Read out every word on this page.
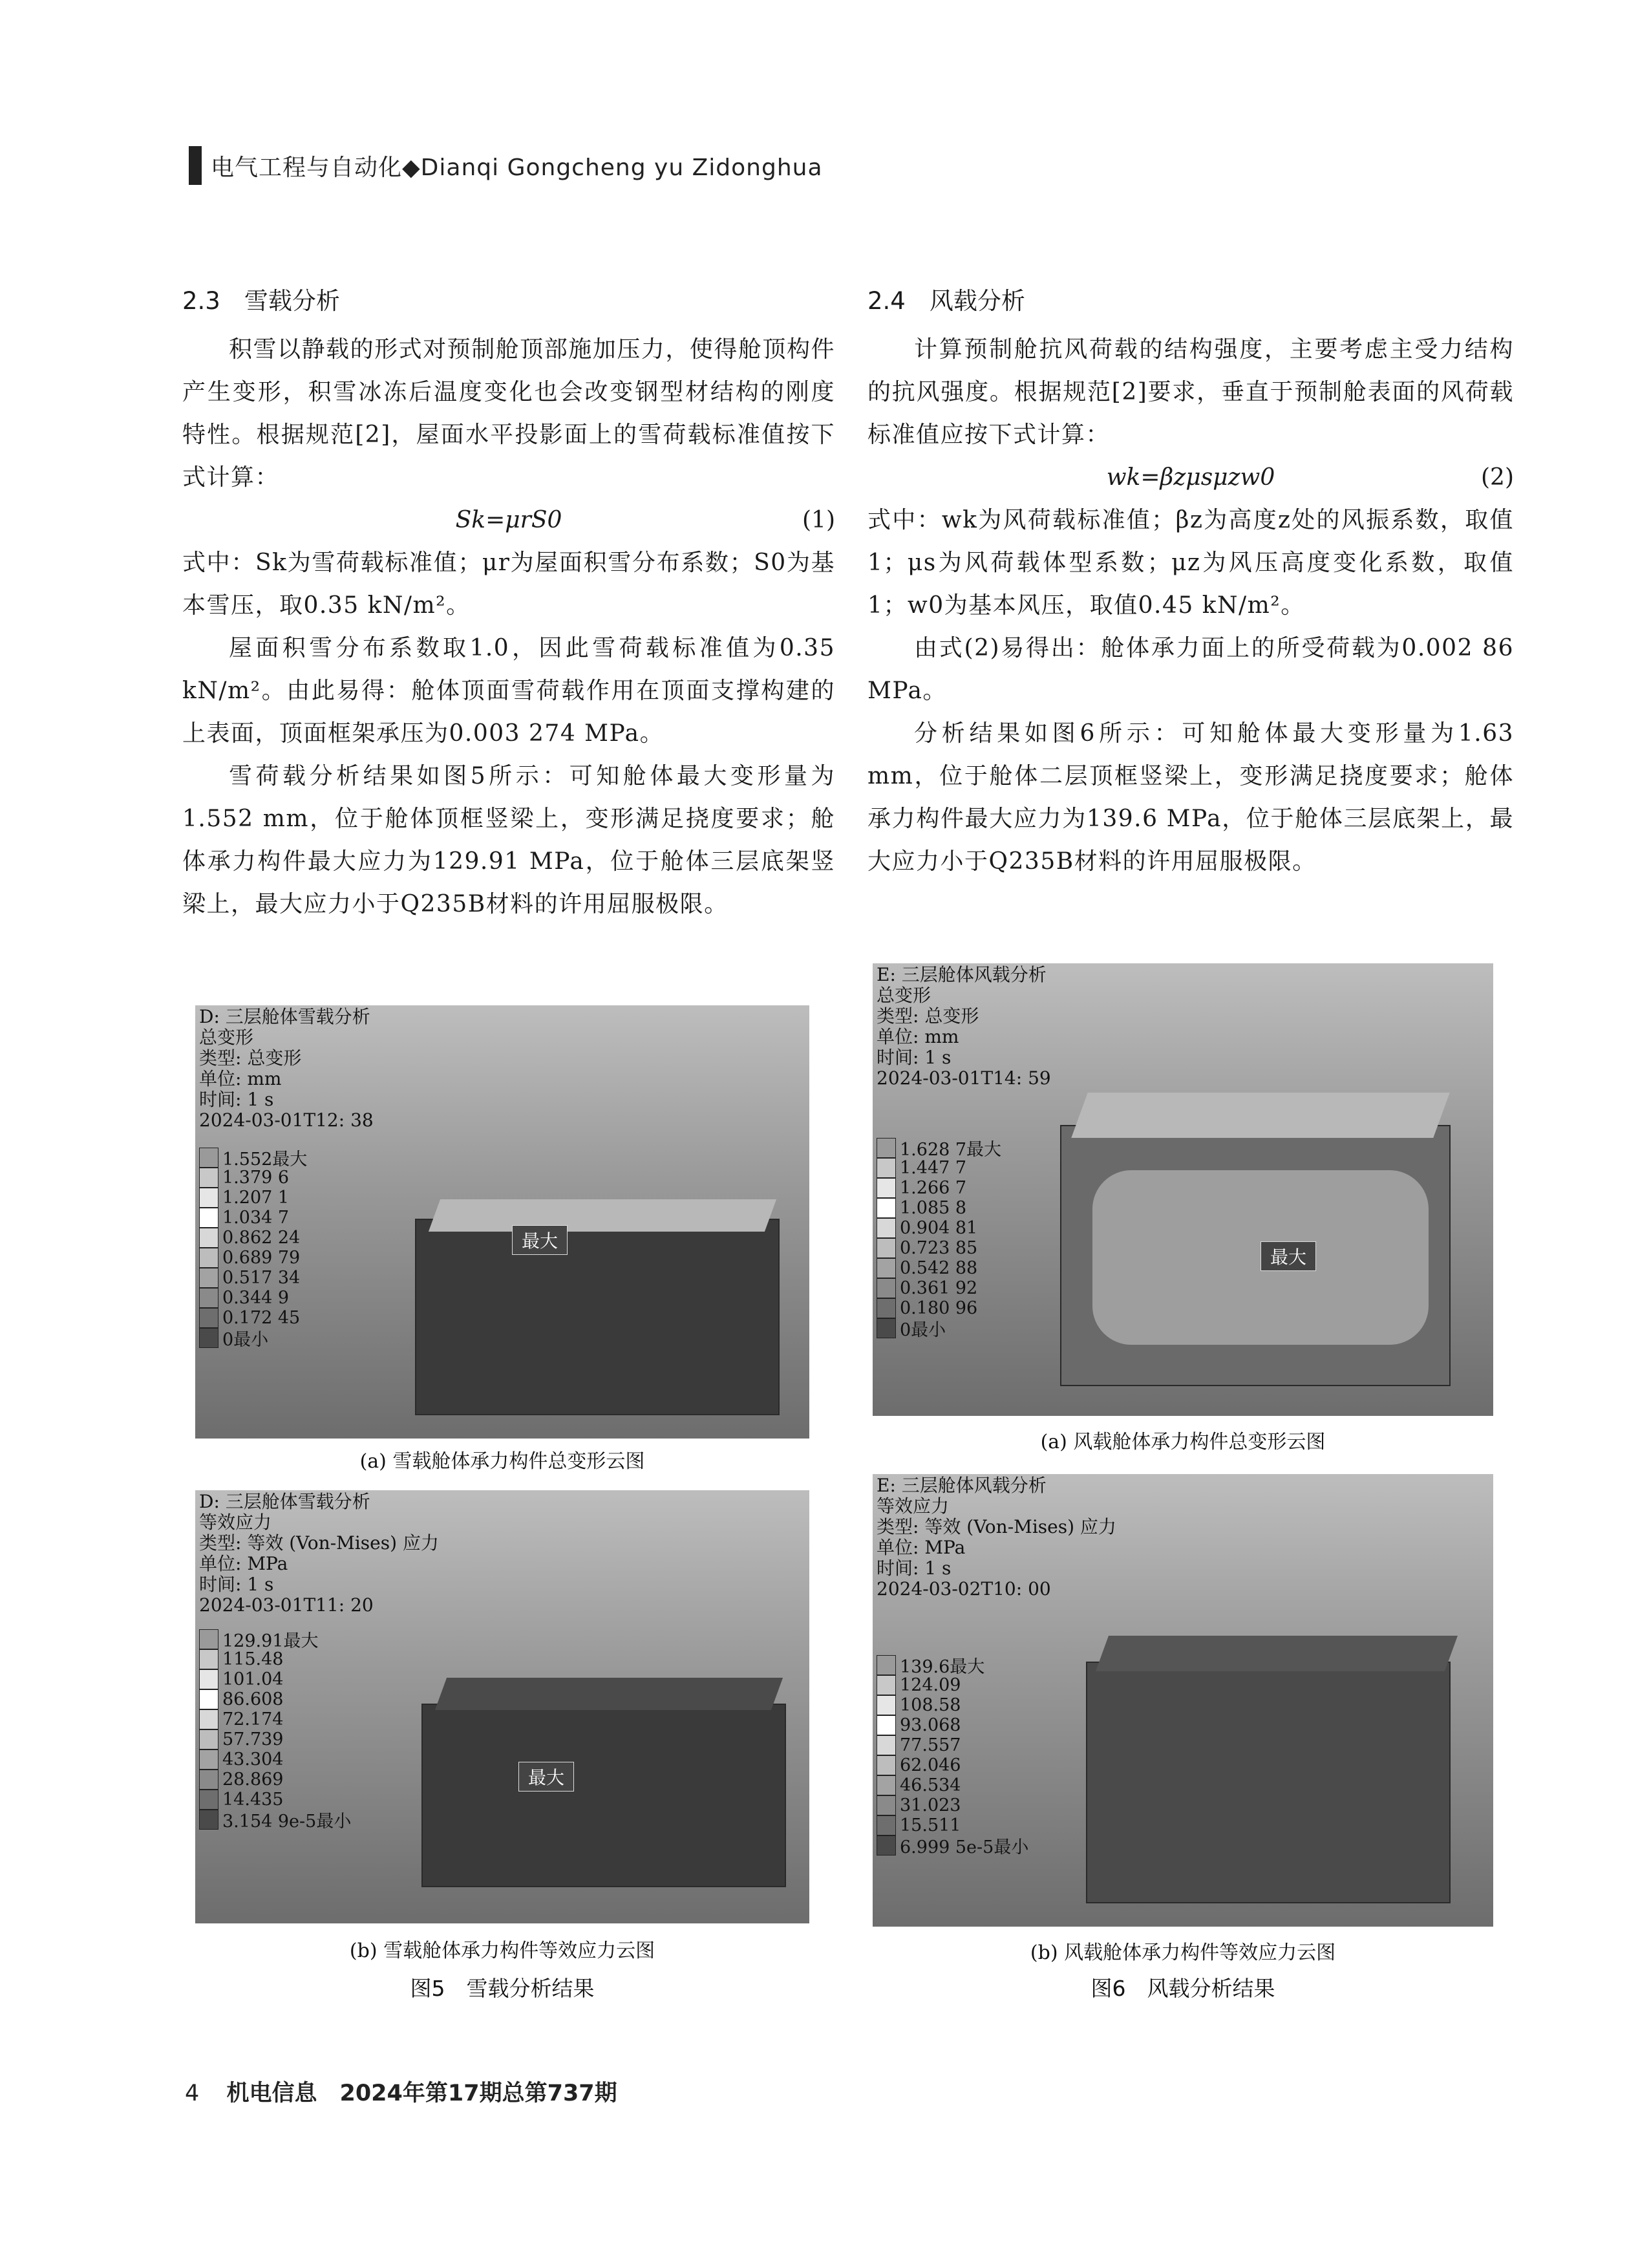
电气工程与自动化◆Dianqi Gongcheng yu Zidonghua
2.3　雪载分析

积雪以静载的形式对预制舱顶部施加压力，使得舱顶构件产生变形，积雪冰冻后温度变化也会改变钢型材结构的刚度特性。根据规范[2]，屋面水平投影面上的雪荷载标准值按下式计算：

Sk=μrS0	(1)

式中：Sk为雪荷载标准值；μr为屋面积雪分布系数；S0为基本雪压，取0.35 kN/m²。

屋面积雪分布系数取1.0，因此雪荷载标准值为0.35 kN/m²。由此易得：舱体顶面雪荷载作用在顶面支撑构建的上表面，顶面框架承压为0.003 274 MPa。

雪荷载分析结果如图5所示：可知舱体最大变形量为1.552 mm，位于舱体顶框竖梁上，变形满足挠度要求；舱体承力构件最大应力为129.91 MPa，位于舱体三层底架竖梁上，最大应力小于Q235B材料的许用屈服极限。

2.4　风载分析

计算预制舱抗风荷载的结构强度，主要考虑主受力结构的抗风强度。根据规范[2]要求，垂直于预制舱表面的风荷载标准值应按下式计算：

wk=βzμsμzw0	(2)

式中：wk为风荷载标准值；βz为高度z处的风振系数，取值1；μs为风荷载体型系数；μz为风压高度变化系数，取值1；w0为基本风压，取值0.45 kN/m²。

由式(2)易得出：舱体承力面上的所受荷载为0.002 86 MPa。

分析结果如图6所示：可知舱体最大变形量为1.63 mm，位于舱体二层顶框竖梁上，变形满足挠度要求；舱体承力构件最大应力为139.6 MPa，位于舱体三层底架上，最大应力小于Q235B材料的许用屈服极限。

D: 三层舱体雪载分析
总变形
类型: 总变形
单位: mm
时间: 1 s
2024-03-01T12: 38
1.552最大
1.379 6
1.207 1
1.034 7
0.862 24
0.689 79
0.517 34
0.344 9
0.172 45
0最小
最大
(a) 雪载舱体承力构件总变形云图
D: 三层舱体雪载分析
等效应力
类型: 等效 (Von-Mises) 应力
单位: MPa
时间: 1 s
2024-03-01T11: 20
129.91最大
115.48
101.04
86.608
72.174
57.739
43.304
28.869
14.435
3.154 9e-5最小
最大
(b) 雪载舱体承力构件等效应力云图
图5　雪载分析结果
E: 三层舱体风载分析
总变形
类型: 总变形
单位: mm
时间: 1 s
2024-03-01T14: 59
1.628 7最大
1.447 7
1.266 7
1.085 8
0.904 81
0.723 85
0.542 88
0.361 92
0.180 96
0最小
最大
(a) 风载舱体承力构件总变形云图
E: 三层舱体风载分析
等效应力
类型: 等效 (Von-Mises) 应力
单位: MPa
时间: 1 s
2024-03-02T10: 00
139.6最大
124.09
108.58
93.068
77.557
62.046
46.534
31.023
15.511
6.999 5e-5最小
(b) 风载舱体承力构件等效应力云图
图6　风载分析结果
4 机电信息　2024年第17期总第737期
